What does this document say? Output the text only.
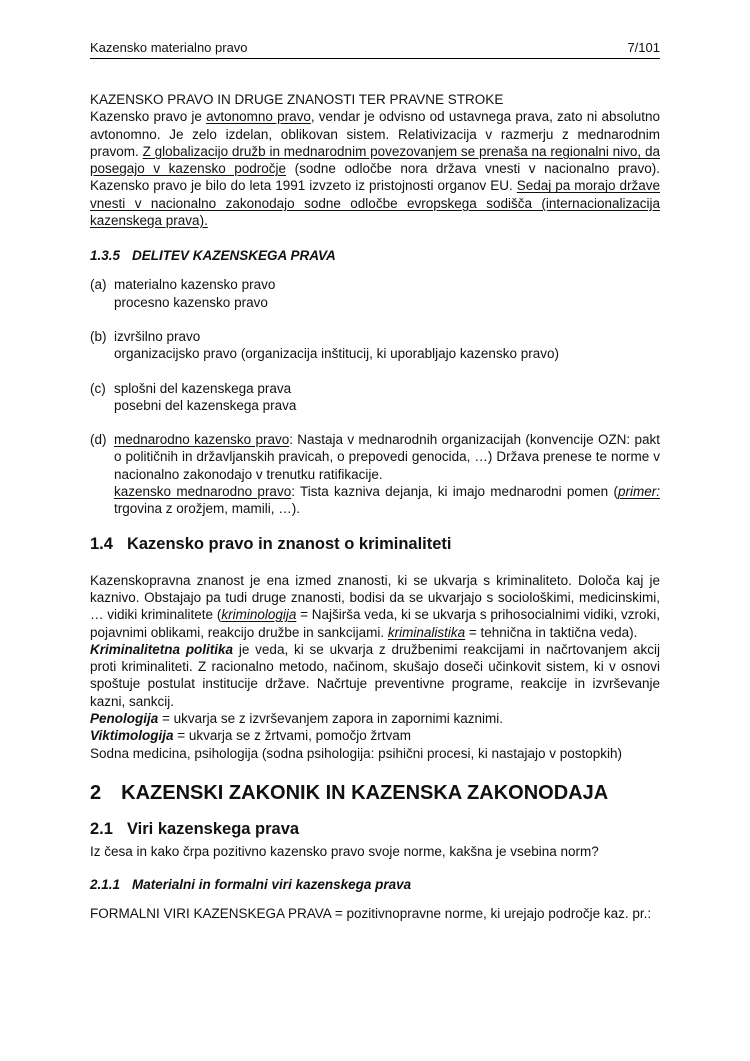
Kazensko materialno pravo	7/101

KAZENSKO PRAVO IN DRUGE ZNANOSTI TER PRAVNE STROKE

Kazensko pravo je avtonomno pravo, vendar je odvisno od ustavnega prava, zato ni absolutno avtonomno. Je zelo izdelan, oblikovan sistem. Relativizacija v razmerju z mednarodnim pravom. Z globalizacijo družb in mednarodnim povezovanjem se prenaša na regionalni nivo, da posegajo v kazensko področje (sodne odločbe nora država vnesti v nacionalno pravo). Kazensko pravo je bilo do leta 1991 izvzeto iz pristojnosti organov EU. Sedaj pa morajo države vnesti v nacionalno zakonodajo sodne odločbe evropskega sodišča (internacionalizacija kazenskega prava).

1.3.5 DELITEV KAZENSKEGA PRAVA
(a) materialno kazensko pravo

procesno kazensko pravo

(b) izvršilno pravo

organizacijsko pravo (organizacija inštitucij, ki uporabljajo kazensko pravo)

(c) splošni del kazenskega prava

posebni del kazenskega prava

(d) mednarodno kazensko pravo: Nastaja v mednarodnih organizacijah (konvencije OZN: pakt o političnih in državljanskih pravicah, o prepovedi genocida, …) Država prenese te norme v nacionalno zakonodajo v trenutku ratifikacije.

kazensko mednarodno pravo: Tista kazniva dejanja, ki imajo mednarodni pomen (primer: trgovina z orožjem, mamili, …).

1.4 Kazensko pravo in znanost o kriminaliteti

Kazenskopravna znanost je ena izmed znanosti, ki se ukvarja s kriminaliteto. Določa kaj je kaznivo. Obstajajo pa tudi druge znanosti, bodisi da se ukvarjajo s sociološkimi, medicinskimi, … vidiki kriminalitete (kriminologija = Najširša veda, ki se ukvarja s prihosocialnimi vidiki, vzroki, pojavnimi oblikami, reakcijo družbe in sankcijami. kriminalistika = tehnična in taktična veda).

Kriminalitetna politika je veda, ki se ukvarja z družbenimi reakcijami in načrtovanjem akcij proti kriminaliteti. Z racionalno metodo, načinom, skušajo doseči učinkovit sistem, ki v osnovi spoštuje postulat institucije države. Načrtuje preventivne programe, reakcije in izvrševanje kazni, sankcij.

Penologija = ukvarja se z izvrševanjem zapora in zapornimi kaznimi.

Viktimologija = ukvarja se z žrtvami, pomočjo žrtvam

Sodna medicina, psihologija (sodna psihologija: psihični procesi, ki nastajajo v postopkih)

2 KAZENSKI ZAKONIK IN KAZENSKA ZAKONODAJA
2.1 Viri kazenskega prava

Iz česa in kako črpa pozitivno kazensko pravo svoje norme, kakšna je vsebina norm?

2.1.1 Materialni in formalni viri kazenskega prava

FORMALNI VIRI KAZENSKEGA PRAVA = pozitivnopravne norme, ki urejajo področje kaz. pr.:
